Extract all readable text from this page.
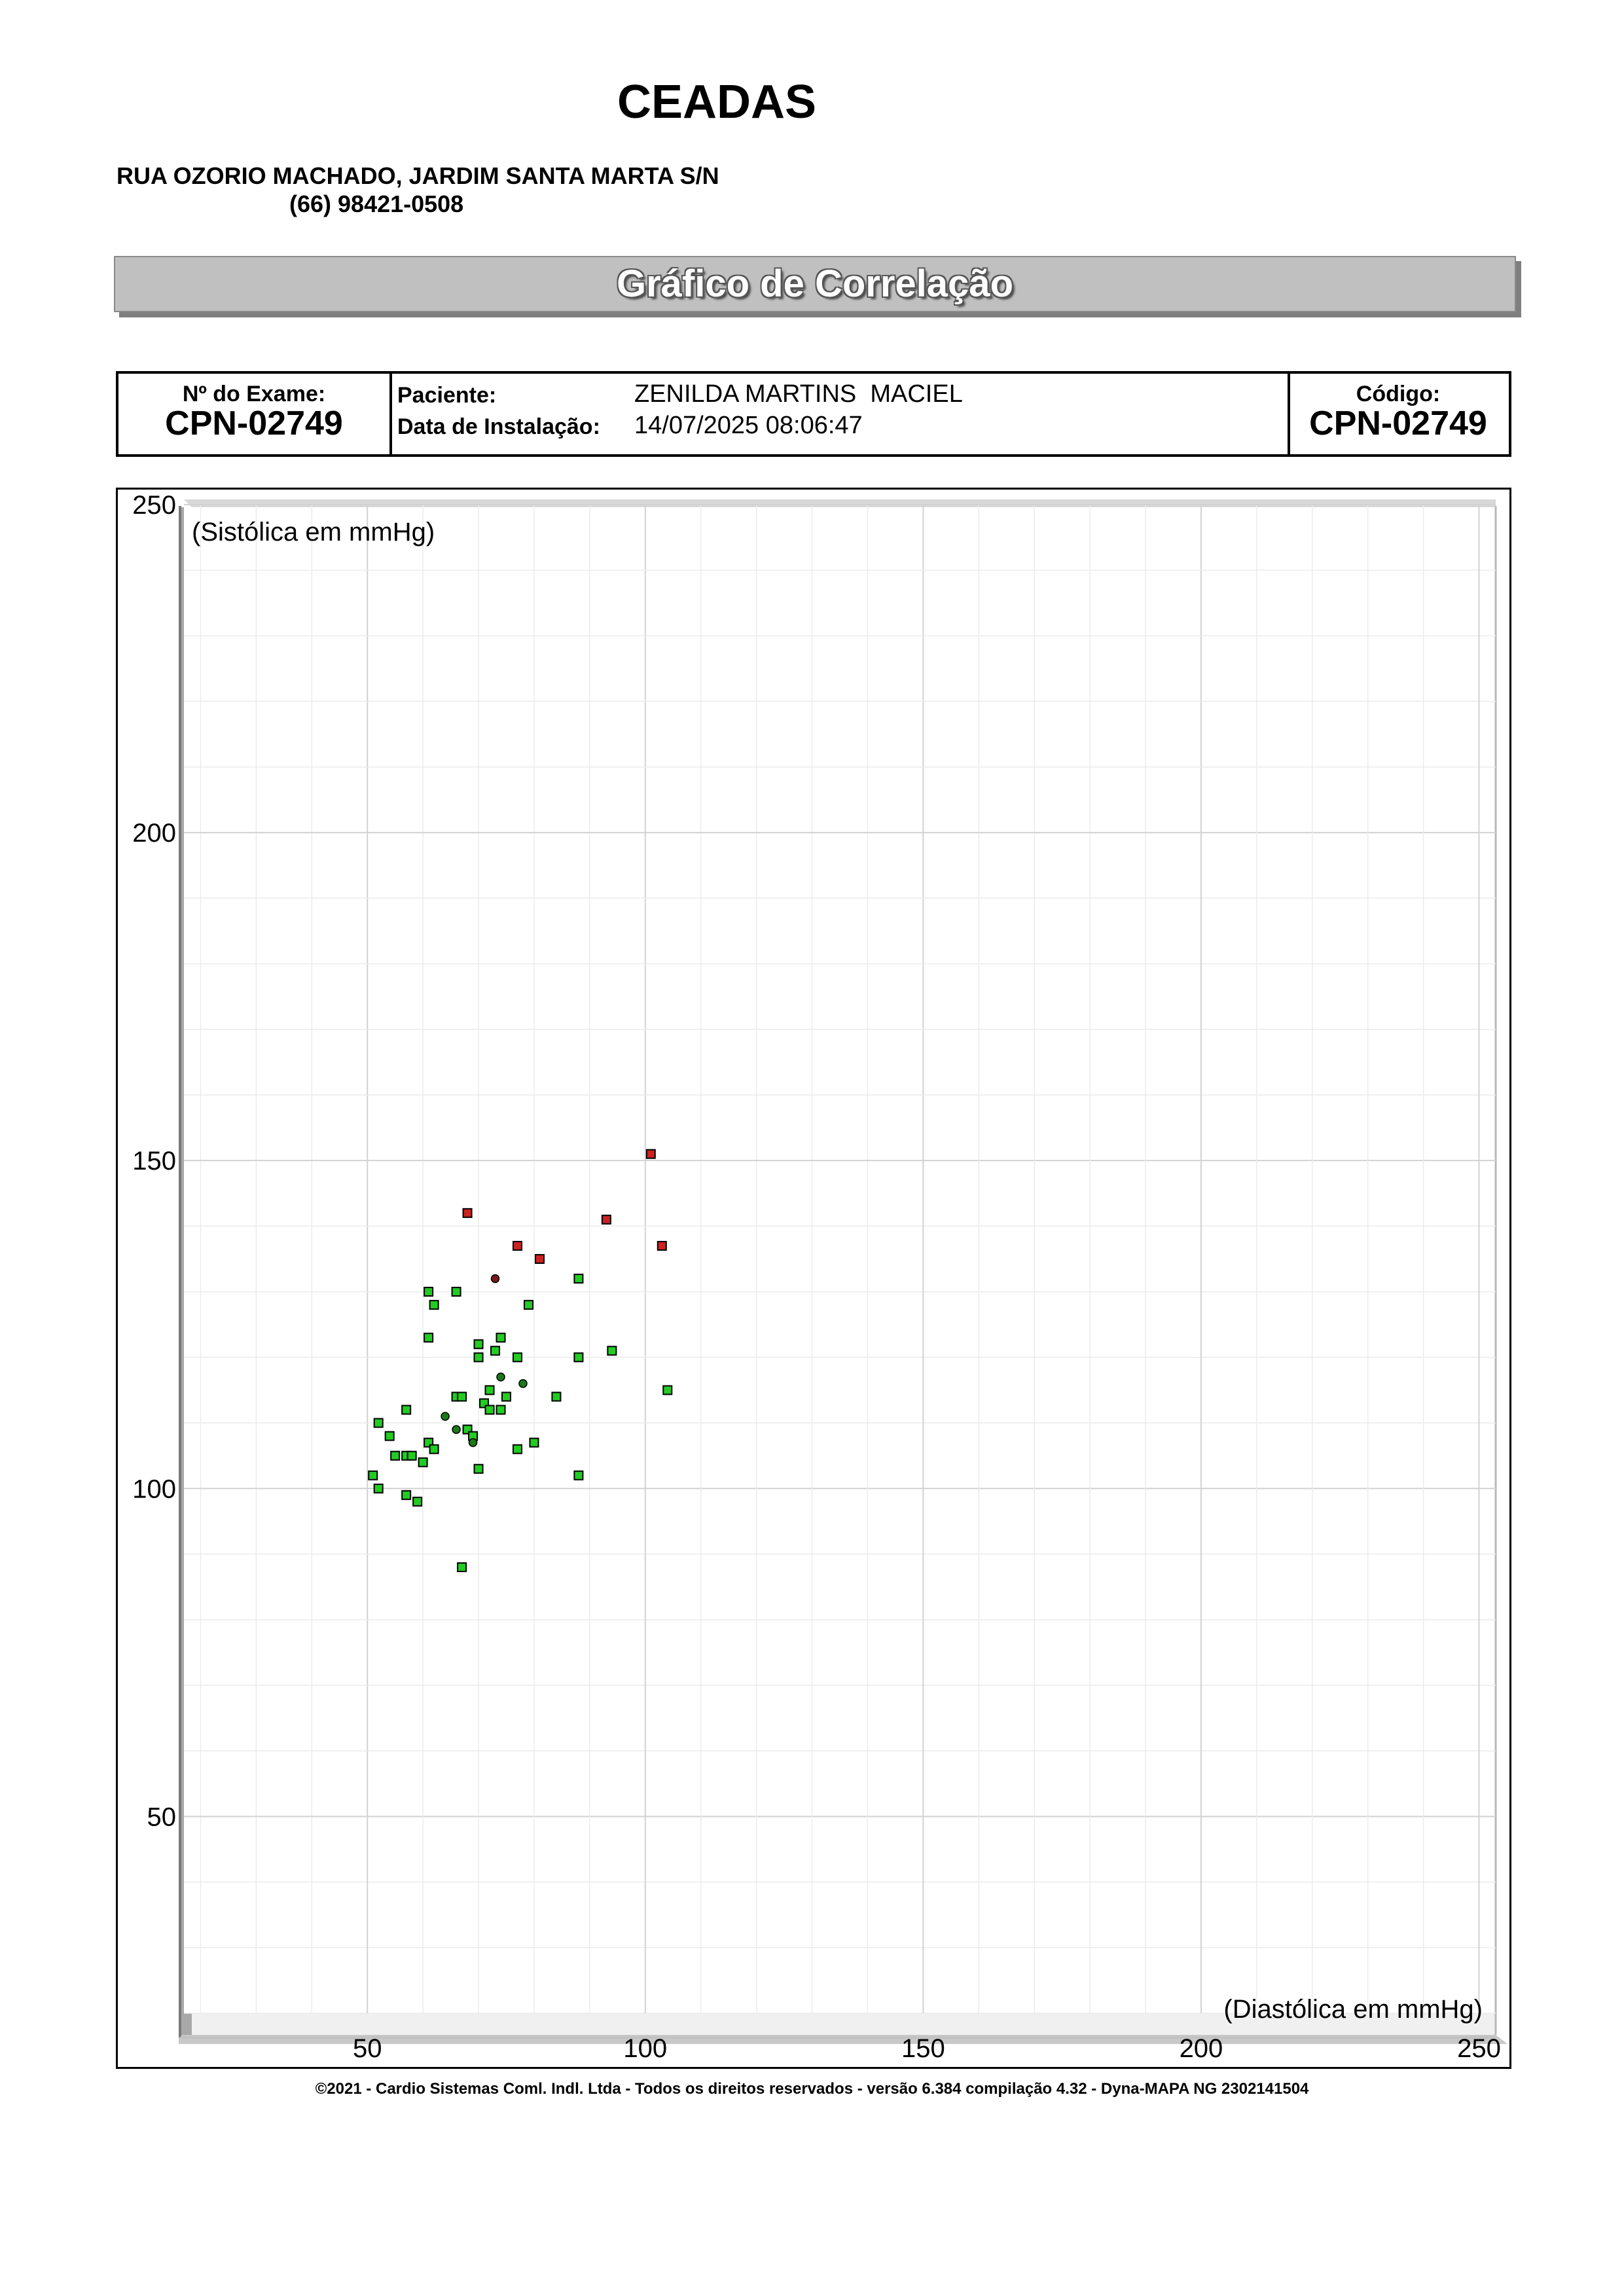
CEADAS
RUA OZORIO MACHADO, JARDIM SANTA MARTA S/N
(66) 98421-0508
Gráfico de Correlação
Nº do Exame:
CPN-02749
Paciente:	ZENILDA MARTINS  MACIEL
Data de Instalação: 14/07/2025 08:06:47
Código:
CPN-02749
50	100	150	200	250
50
100
150
200
250
(Sistólica em mmHg)
(Diastólica em mmHg)
©2021 - Cardio Sistemas Coml. Indl. Ltda - Todos os direitos reservados - versão 6.384 compilação 4.32 - Dyna-MAPA NG 2302141504
